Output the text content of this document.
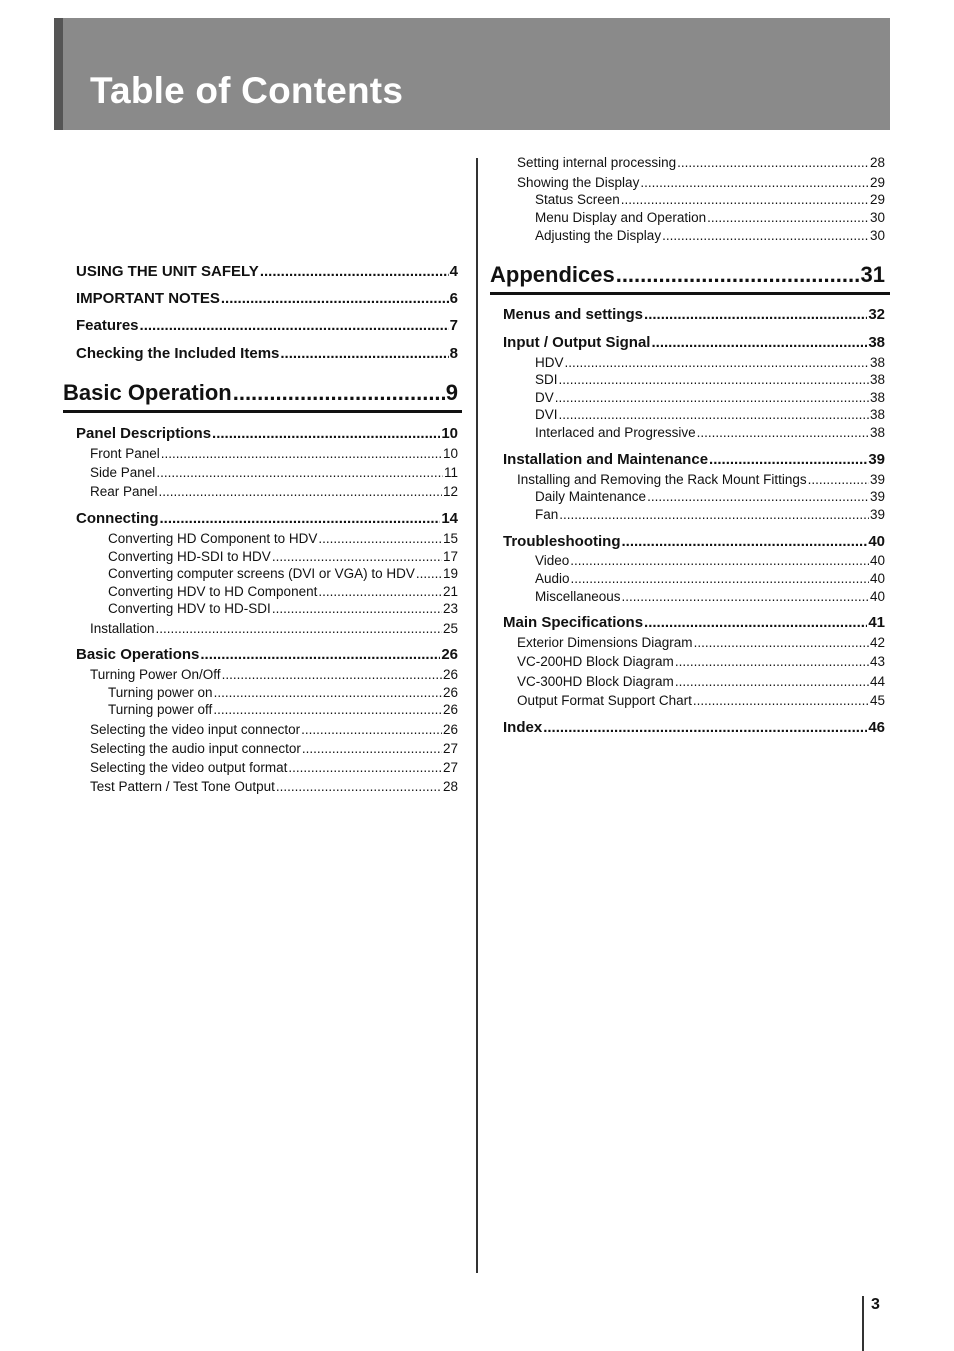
Table of Contents
USING THE UNIT SAFELY .....	4
IMPORTANT NOTES .....	6
Features .....	7
Checking the Included Items .....	8
Basic Operation .....	9
Panel Descriptions .....	10
Front Panel .....	10
Side Panel .....	11
Rear Panel .....	12
Connecting .....	14
Converting HD Component to HDV .....	15
Converting HD-SDI to HDV .....	17
Converting computer screens (DVI or VGA) to HDV ..... 19
Converting HDV to HD Component .....	21
Converting HDV to HD-SDI .....	23
Installation .....	25
Basic Operations .....	26
Turning Power On/Off .....	26
Turning power on .....	26
Turning power off .....	26
Selecting the video input connector .....	26
Selecting the audio input connector .....	27
Selecting the video output format .....	27
Test Pattern / Test Tone Output .....	28
Setting internal processing .....	28
Showing the Display .....	29
Status Screen .....	29
Menu Display and Operation .....	30
Adjusting the Display .....	30
Appendices .....	31
Menus and settings .....	32
Input / Output Signal .....	38
HDV .....	38
SDI .....	38
DV .....	38
DVI .....	38
Interlaced and Progressive .....	38
Installation and Maintenance .....	39
Installing and Removing the Rack Mount Fittings .....	39
Daily Maintenance .....	39
Fan .....	39
Troubleshooting .....	40
Video .....	40
Audio .....	40
Miscellaneous .....	40
Main Specifications .....	41
Exterior Dimensions Diagram .....	42
VC-200HD Block Diagram .....	43
VC-300HD Block Diagram .....	44
Output Format Support Chart .....	45
Index .....	46
3
